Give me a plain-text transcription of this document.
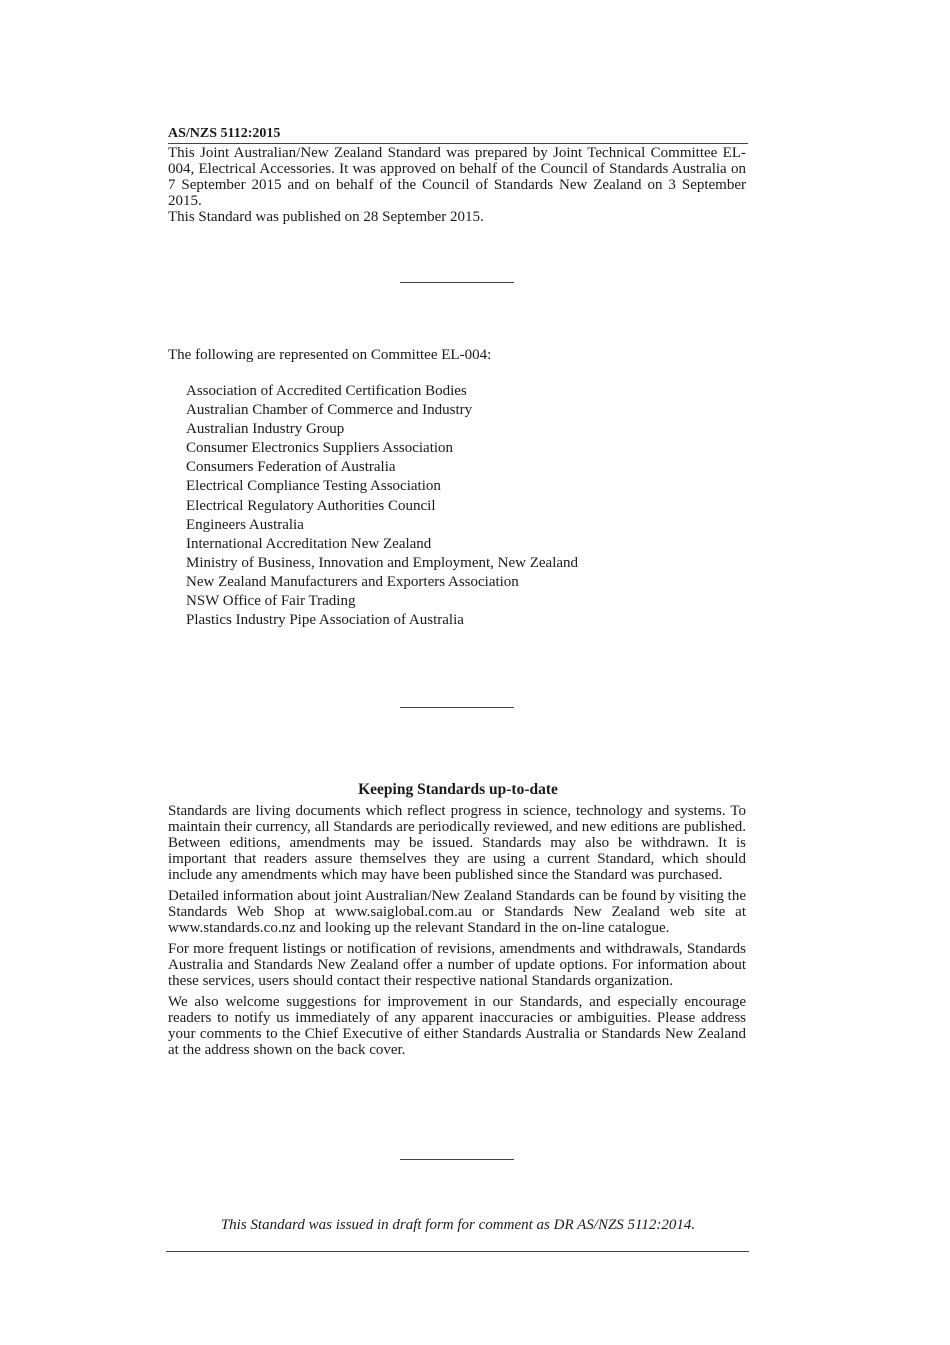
AS/NZS 5112:2015

This Joint Australian/New Zealand Standard was prepared by Joint Technical Committee EL-004, Electrical Accessories. It was approved on behalf of the Council of Standards Australia on 7 September 2015 and on behalf of the Council of Standards New Zealand on 3 September 2015.

This Standard was published on 28 September 2015.

The following are represented on Committee EL-004:
Association of Accredited Certification Bodies
Australian Chamber of Commerce and Industry
Australian Industry Group
Consumer Electronics Suppliers Association
Consumers Federation of Australia
Electrical Compliance Testing Association
Electrical Regulatory Authorities Council
Engineers Australia
International Accreditation New Zealand
Ministry of Business, Innovation and Employment, New Zealand
New Zealand Manufacturers and Exporters Association
NSW Office of Fair Trading
Plastics Industry Pipe Association of Australia
Keeping Standards up-to-date

Standards are living documents which reflect progress in science, technology and systems. To maintain their currency, all Standards are periodically reviewed, and new editions are published. Between editions, amendments may be issued. Standards may also be withdrawn. It is important that readers assure themselves they are using a current Standard, which should include any amendments which may have been published since the Standard was purchased.

Detailed information about joint Australian/New Zealand Standards can be found by visiting the Standards Web Shop at www.saiglobal.com.au or Standards New Zealand web site at www.standards.co.nz and looking up the relevant Standard in the on-line catalogue.

For more frequent listings or notification of revisions, amendments and withdrawals, Standards Australia and Standards New Zealand offer a number of update options. For information about these services, users should contact their respective national Standards organization.

We also welcome suggestions for improvement in our Standards, and especially encourage readers to notify us immediately of any apparent inaccuracies or ambiguities. Please address your comments to the Chief Executive of either Standards Australia or Standards New Zealand at the address shown on the back cover.

This Standard was issued in draft form for comment as DR AS/NZS 5112:2014.
